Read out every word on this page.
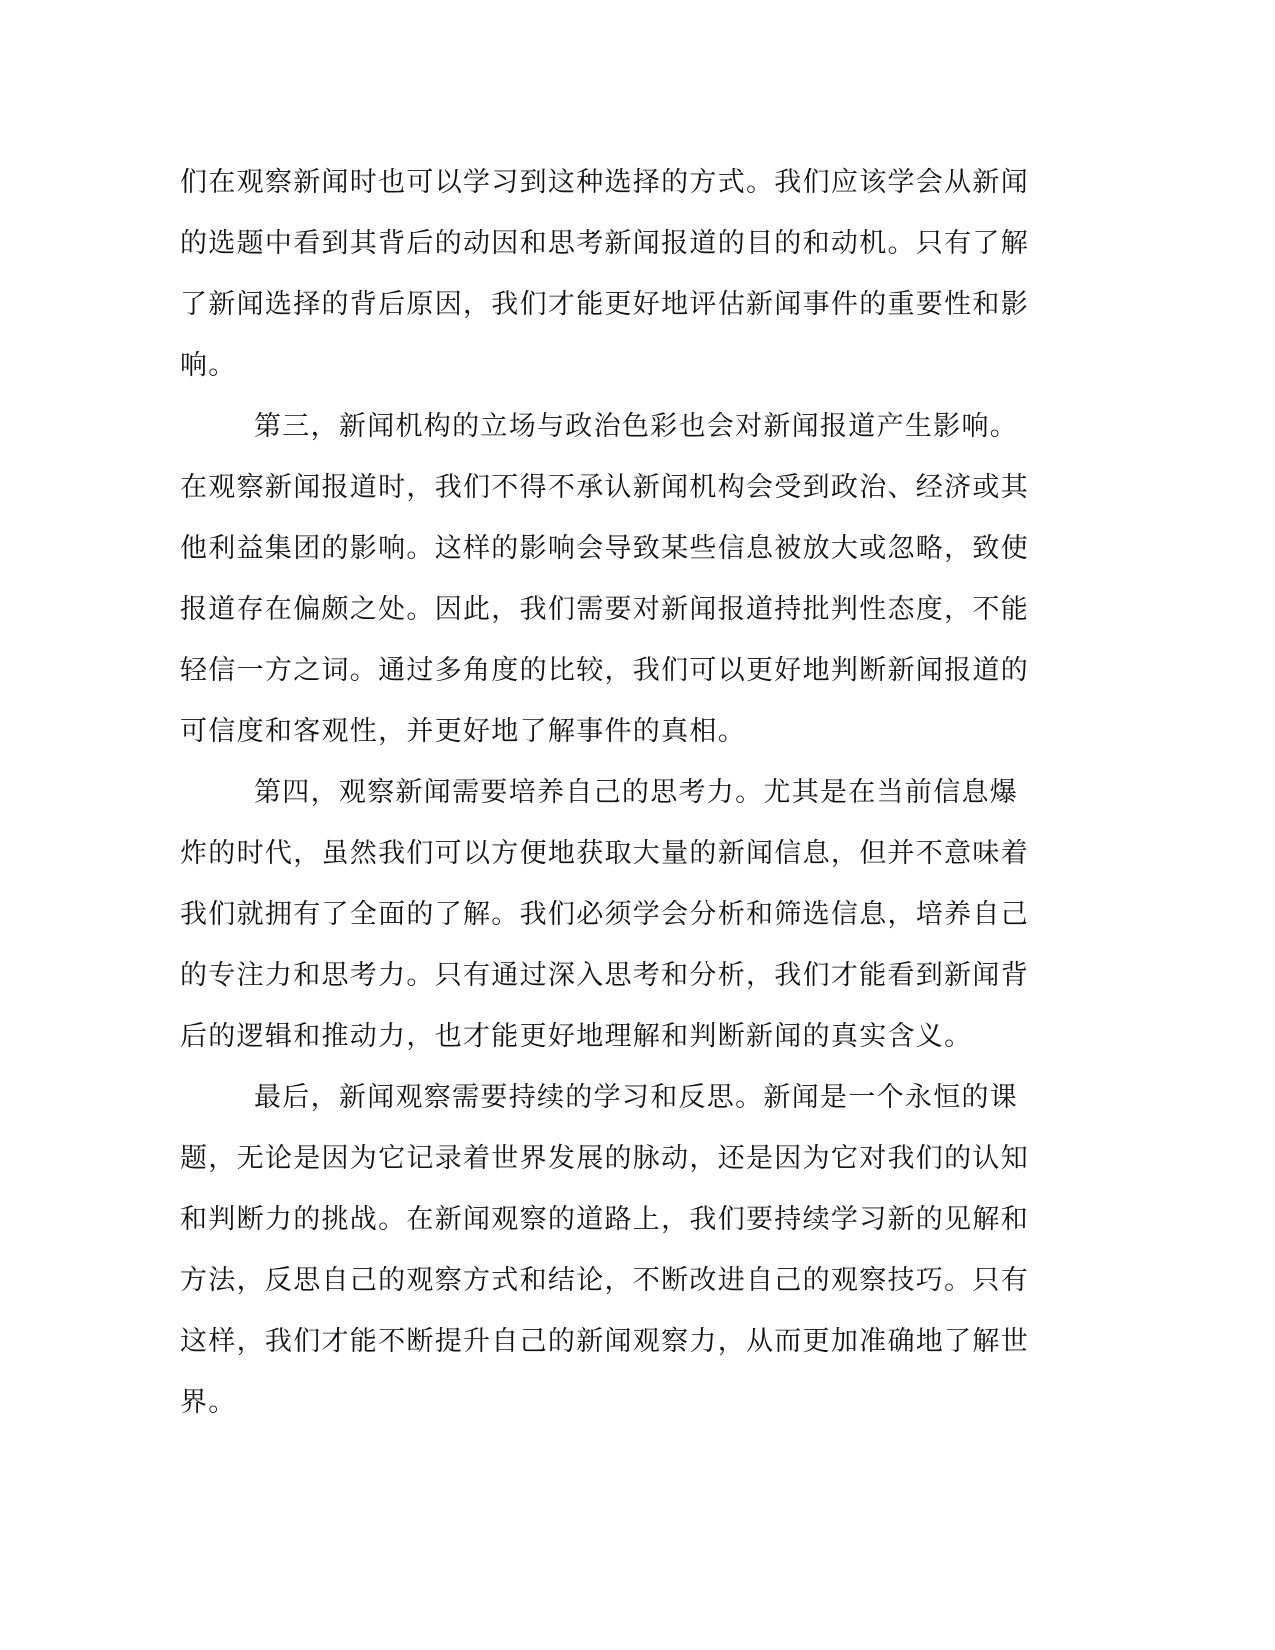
们在观察新闻时也可以学习到这种选择的方式。我们应该学会从新闻的选题中看到其背后的动因和思考新闻报道的目的和动机。只有了解了新闻选择的背后原因，我们才能更好地评估新闻事件的重要性和影响。

第三，新闻机构的立场与政治色彩也会对新闻报道产生影响。在观察新闻报道时，我们不得不承认新闻机构会受到政治、经济或其他利益集团的影响。这样的影响会导致某些信息被放大或忽略，致使报道存在偏颇之处。因此，我们需要对新闻报道持批判性态度，不能轻信一方之词。通过多角度的比较，我们可以更好地判断新闻报道的可信度和客观性，并更好地了解事件的真相。

第四，观察新闻需要培养自己的思考力。尤其是在当前信息爆炸的时代，虽然我们可以方便地获取大量的新闻信息，但并不意味着我们就拥有了全面的了解。我们必须学会分析和筛选信息，培养自己的专注力和思考力。只有通过深入思考和分析，我们才能看到新闻背后的逻辑和推动力，也才能更好地理解和判断新闻的真实含义。

最后，新闻观察需要持续的学习和反思。新闻是一个永恒的课题，无论是因为它记录着世界发展的脉动，还是因为它对我们的认知和判断力的挑战。在新闻观察的道路上，我们要持续学习新的见解和方法，反思自己的观察方式和结论，不断改进自己的观察技巧。只有这样，我们才能不断提升自己的新闻观察力，从而更加准确地了解世界。
